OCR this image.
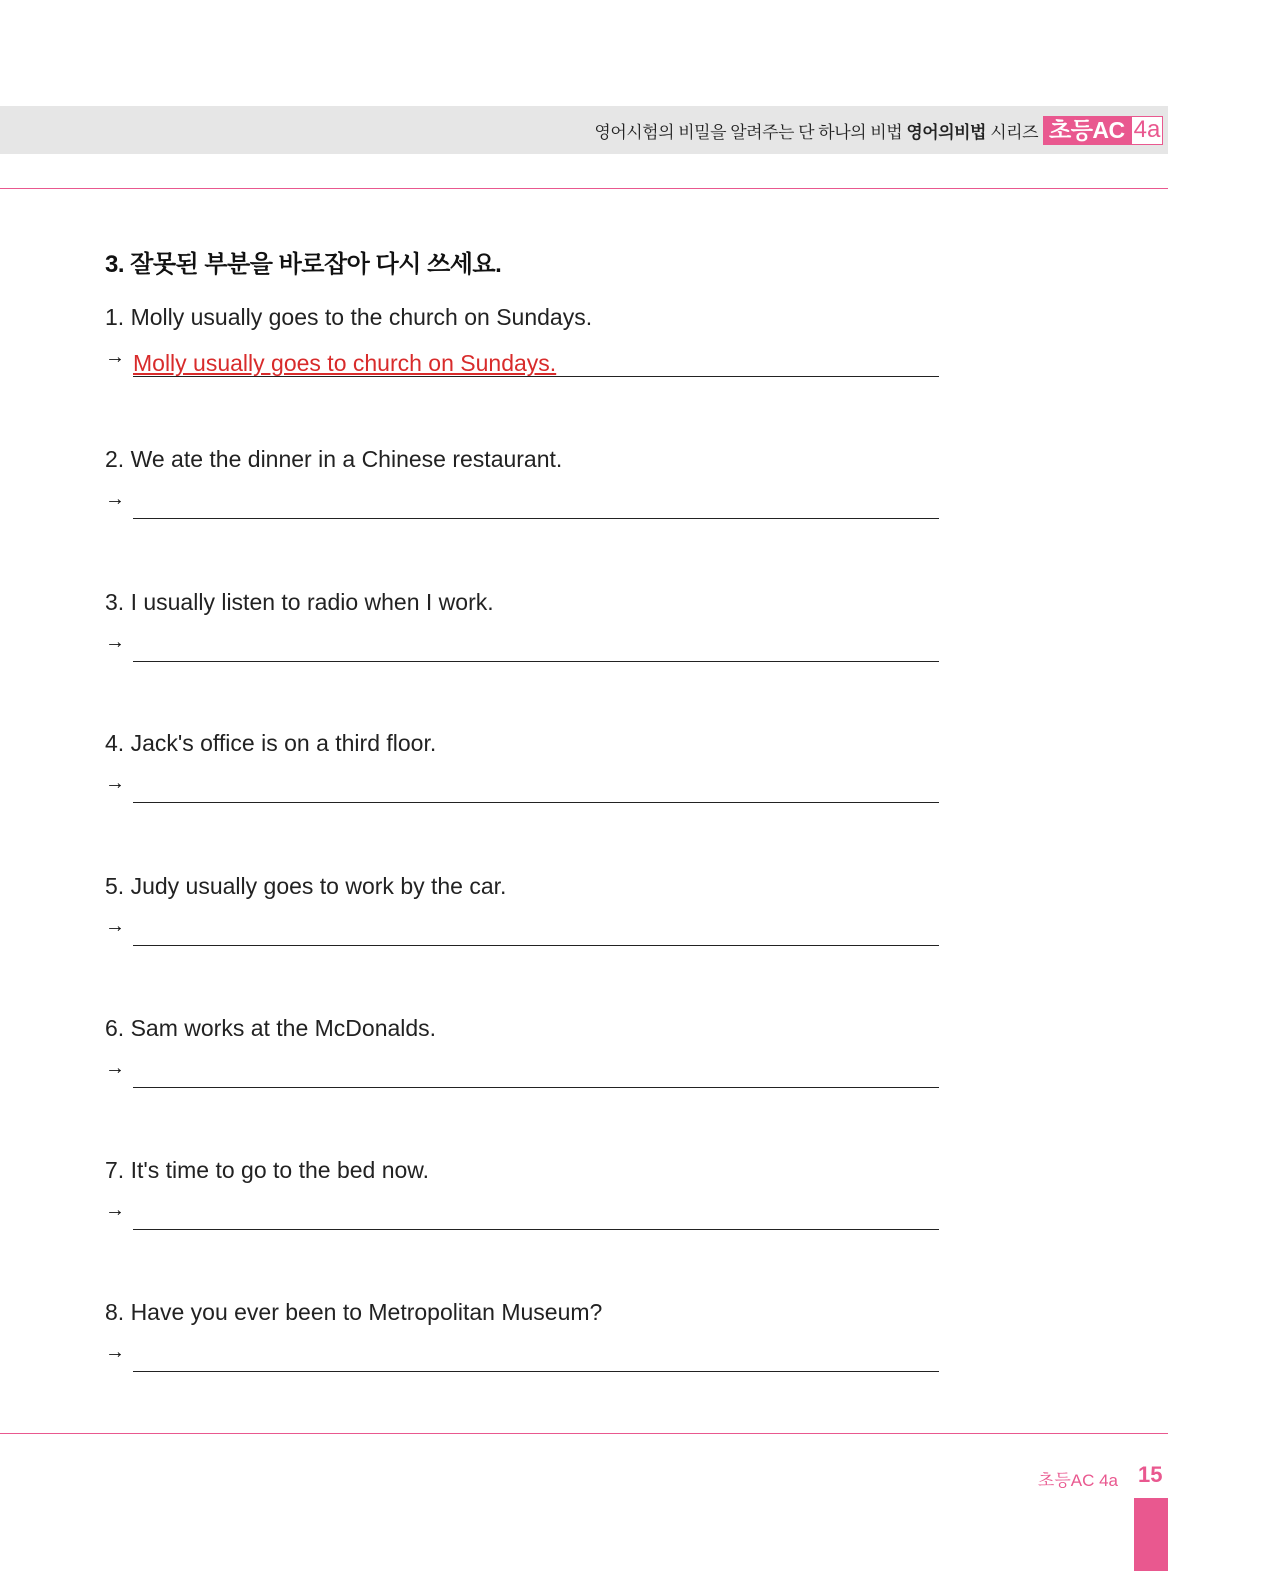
영어시험의 비밀을 알려주는 단 하나의 비법 영어의비법 시리즈 초등AC 4a
3. 잘못된 부분을 바로잡아 다시 쓰세요.
1. Molly usually goes to the church on Sundays.
→ Molly usually goes to church on Sundays.
2. We ate the dinner in a Chinese restaurant.
→
3. I usually listen to radio when I work.
→
4. Jack's office is on a third floor.
→
5. Judy usually goes to work by the car.
→
6. Sam works at the McDonalds.
→
7. It's time to go to the bed now.
→
8. Have you ever been to Metropolitan Museum?
→
초등AC 4a 15
